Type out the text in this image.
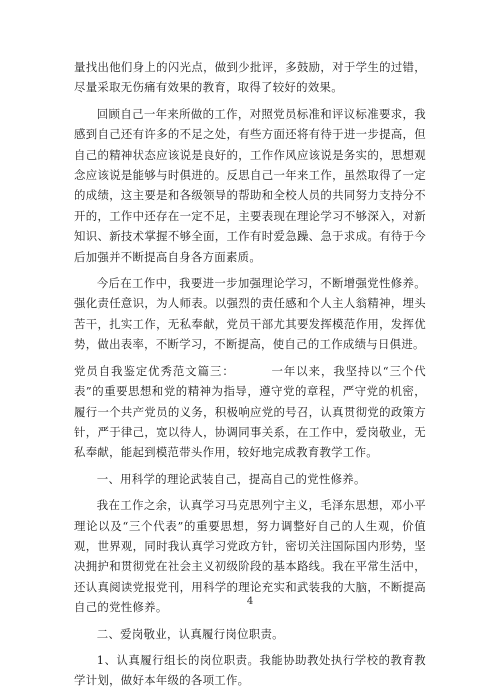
量找出他们身上的闪光点，做到少批评，多鼓励，对于学生的过错，尽量采取无伤痛有效果的教育，取得了较好的效果。

回顾自己一年来所做的工作，对照党员标准和评议标准要求，我感到自己还有许多的不足之处，有些方面还将有待于进一步提高，但自己的精神状态应该说是良好的，工作作风应该说是务实的，思想观念应该说是能够与时俱进的。反思自己一年来工作，虽然取得了一定的成绩，这主要是和各级领导的帮助和全校人员的共同努力支持分不开的，工作中还存在一定不足，主要表现在理论学习不够深入，对新知识、新技术掌握不够全面，工作有时爱急躁、急于求成。有待于今后加强并不断提高自身各方面素质。

今后在工作中，我要进一步加强理论学习，不断增强党性修养。强化责任意识，为人师表。以强烈的责任感和个人主人翁精神，埋头苦干，扎实工作，无私奉献，党员干部尤其要发挥模范作用，发挥优势，做出表率，不断学习，不断提高，使自己的工作成绩与日俱进。

党员自我鉴定优秀范文篇三：        一年以来，我坚持以“三个代表”的重要思想和党的精神为指导，遵守党的章程，严守党的机密，履行一个共产党员的义务，积极响应党的号召，认真贯彻党的政策方针，严于律己，宽以待人，协调同事关系，在工作中，爱岗敬业，无私奉献，能起到模范带头作用，较好地完成教育教学工作。

一、用科学的理论武装自己，提高自己的党性修养。

我在工作之余，认真学习马克思列宁主义，毛泽东思想，邓小平理论以及“三个代表”的重要思想，努力调整好自己的人生观，价值观，世界观，同时我认真学习党政方针，密切关注国际国内形势，坚决拥护和贯彻党在社会主义初级阶段的基本路线。我在平常生活中，还认真阅读党报党刊，用科学的理论充实和武装我的大脑，不断提高自己的党性修养。

二、爱岗敬业，认真履行岗位职责。

1、认真履行组长的岗位职责。我能协助教处执行学校的教育教学计划，做好本年级的各项工作。

4
